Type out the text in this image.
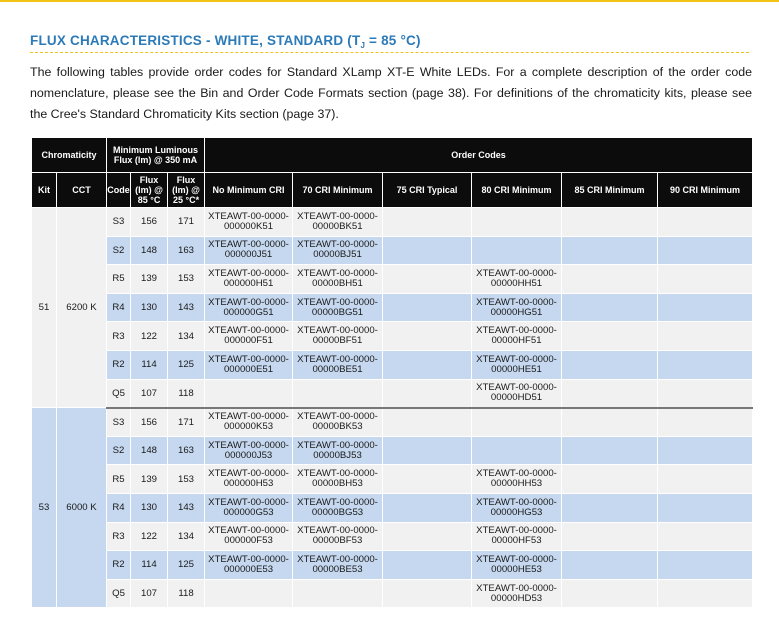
FLUX CHARACTERISTICS - WHITE, STANDARD ($T_J = 85$ °C)
The following tables provide order codes for Standard XLamp XT-E White LEDs. For a complete description of the order code nomenclature, please see the Bin and Order Code Formats section (page 38). For definitions of the chromaticity kits, please see the Cree's Standard Chromaticity Kits section (page 37).
Chromaticity		Minimum Luminous Flux (lm) @ 350 mA			Order Codes					
Kit	CCT	Code	Flux (lm) @ 85 °C	Flux (lm) @ 25 °C*	No Minimum CRI	70 CRI Minimum	75 CRI Typical	80 CRI Minimum	85 CRI Minimum	90 CRI Minimum
51	6200 K	S3	156	171	XTEAWT-00-0000-000000K51	XTEAWT-00-0000-00000BK51				
		S2	148	163	XTEAWT-00-0000-000000J51	XTEAWT-00-0000-00000BJ51				
		R5	139	153	XTEAWT-00-0000-000000H51	XTEAWT-00-0000-00000BH51		XTEAWT-00-0000-00000HH51		
		R4	130	143	XTEAWT-00-0000-000000G51	XTEAWT-00-0000-00000BG51		XTEAWT-00-0000-00000HG51		
		R3	122	134	XTEAWT-00-0000-000000F51	XTEAWT-00-0000-00000BF51		XTEAWT-00-0000-00000HF51		
		R2	114	125	XTEAWT-00-0000-000000E51	XTEAWT-00-0000-00000BE51		XTEAWT-00-0000-00000HE51		
		Q5	107	118				XTEAWT-00-0000-00000HD51		
53	6000 K	S3	156	171	XTEAWT-00-0000-000000K53	XTEAWT-00-0000-00000BK53				
		S2	148	163	XTEAWT-00-0000-000000J53	XTEAWT-00-0000-00000BJ53				
		R5	139	153	XTEAWT-00-0000-000000H53	XTEAWT-00-0000-00000BH53		XTEAWT-00-0000-00000HH53		
		R4	130	143	XTEAWT-00-0000-000000G53	XTEAWT-00-0000-00000BG53		XTEAWT-00-0000-00000HG53		
		R3	122	134	XTEAWT-00-0000-000000F53	XTEAWT-00-0000-00000BF53		XTEAWT-00-0000-00000HF53		
		R2	114	125	XTEAWT-00-0000-000000E53	XTEAWT-00-0000-00000BE53		XTEAWT-00-0000-00000HE53		
		Q5	107	118				XTEAWT-00-0000-00000HD53		
